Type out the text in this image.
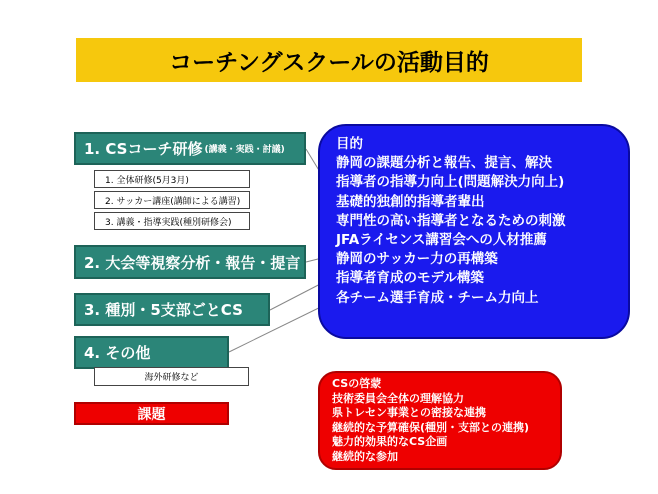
コーチングスクールの活動目的
1. CSコーチ研修 (講義・実践・討議)
1. 全体研修(5月3月)
2. サッカー講座(講師による講習)
3. 講義・指導実践(種別研修会)
2. 大会等視察分析・報告・提言
3. 種別・5支部ごとCS
4. その他
海外研修など
課題
目的
静岡の課題分析と報告、提言、解決
指導者の指導力向上(問題解決力向上)
基礎的独創的指導者輩出
専門性の高い指導者となるための刺激
JFAライセンス講習会への人材推薦
静岡のサッカー力の再構築
指導者育成のモデル構築
各チーム選手育成・チーム力向上
CSの啓蒙
技術委員会全体の理解協力
県トレセン事業との密接な連携
継続的な予算確保(種別・支部との連携)
魅力的効果的なCS企画
継続的な参加
